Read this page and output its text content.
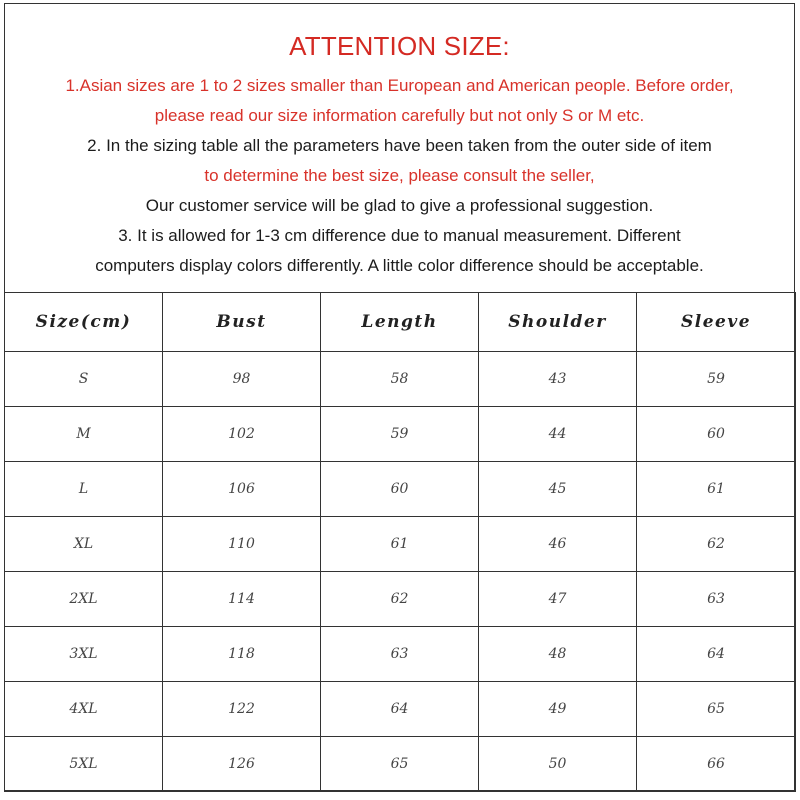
ATTENTION SIZE:
1.Asian sizes are 1 to 2 sizes smaller than European and American people. Before order,
please read our size information carefully but not only S or M etc.
2. In the sizing table all the parameters have been taken from the outer side of item
to determine the best size, please consult the seller,
Our customer service will be glad to give a professional suggestion.
3. It is allowed for 1-3 cm difference due to manual measurement. Different
computers display colors differently. A little color difference should be acceptable.
Size(cm)	Bust	Length	Shoulder	Sleeve
S	98	58	43	59
M	102	59	44	60
L	106	60	45	61
XL	110	61	46	62
2XL	114	62	47	63
3XL	118	63	48	64
4XL	122	64	49	65
5XL	126	65	50	66
